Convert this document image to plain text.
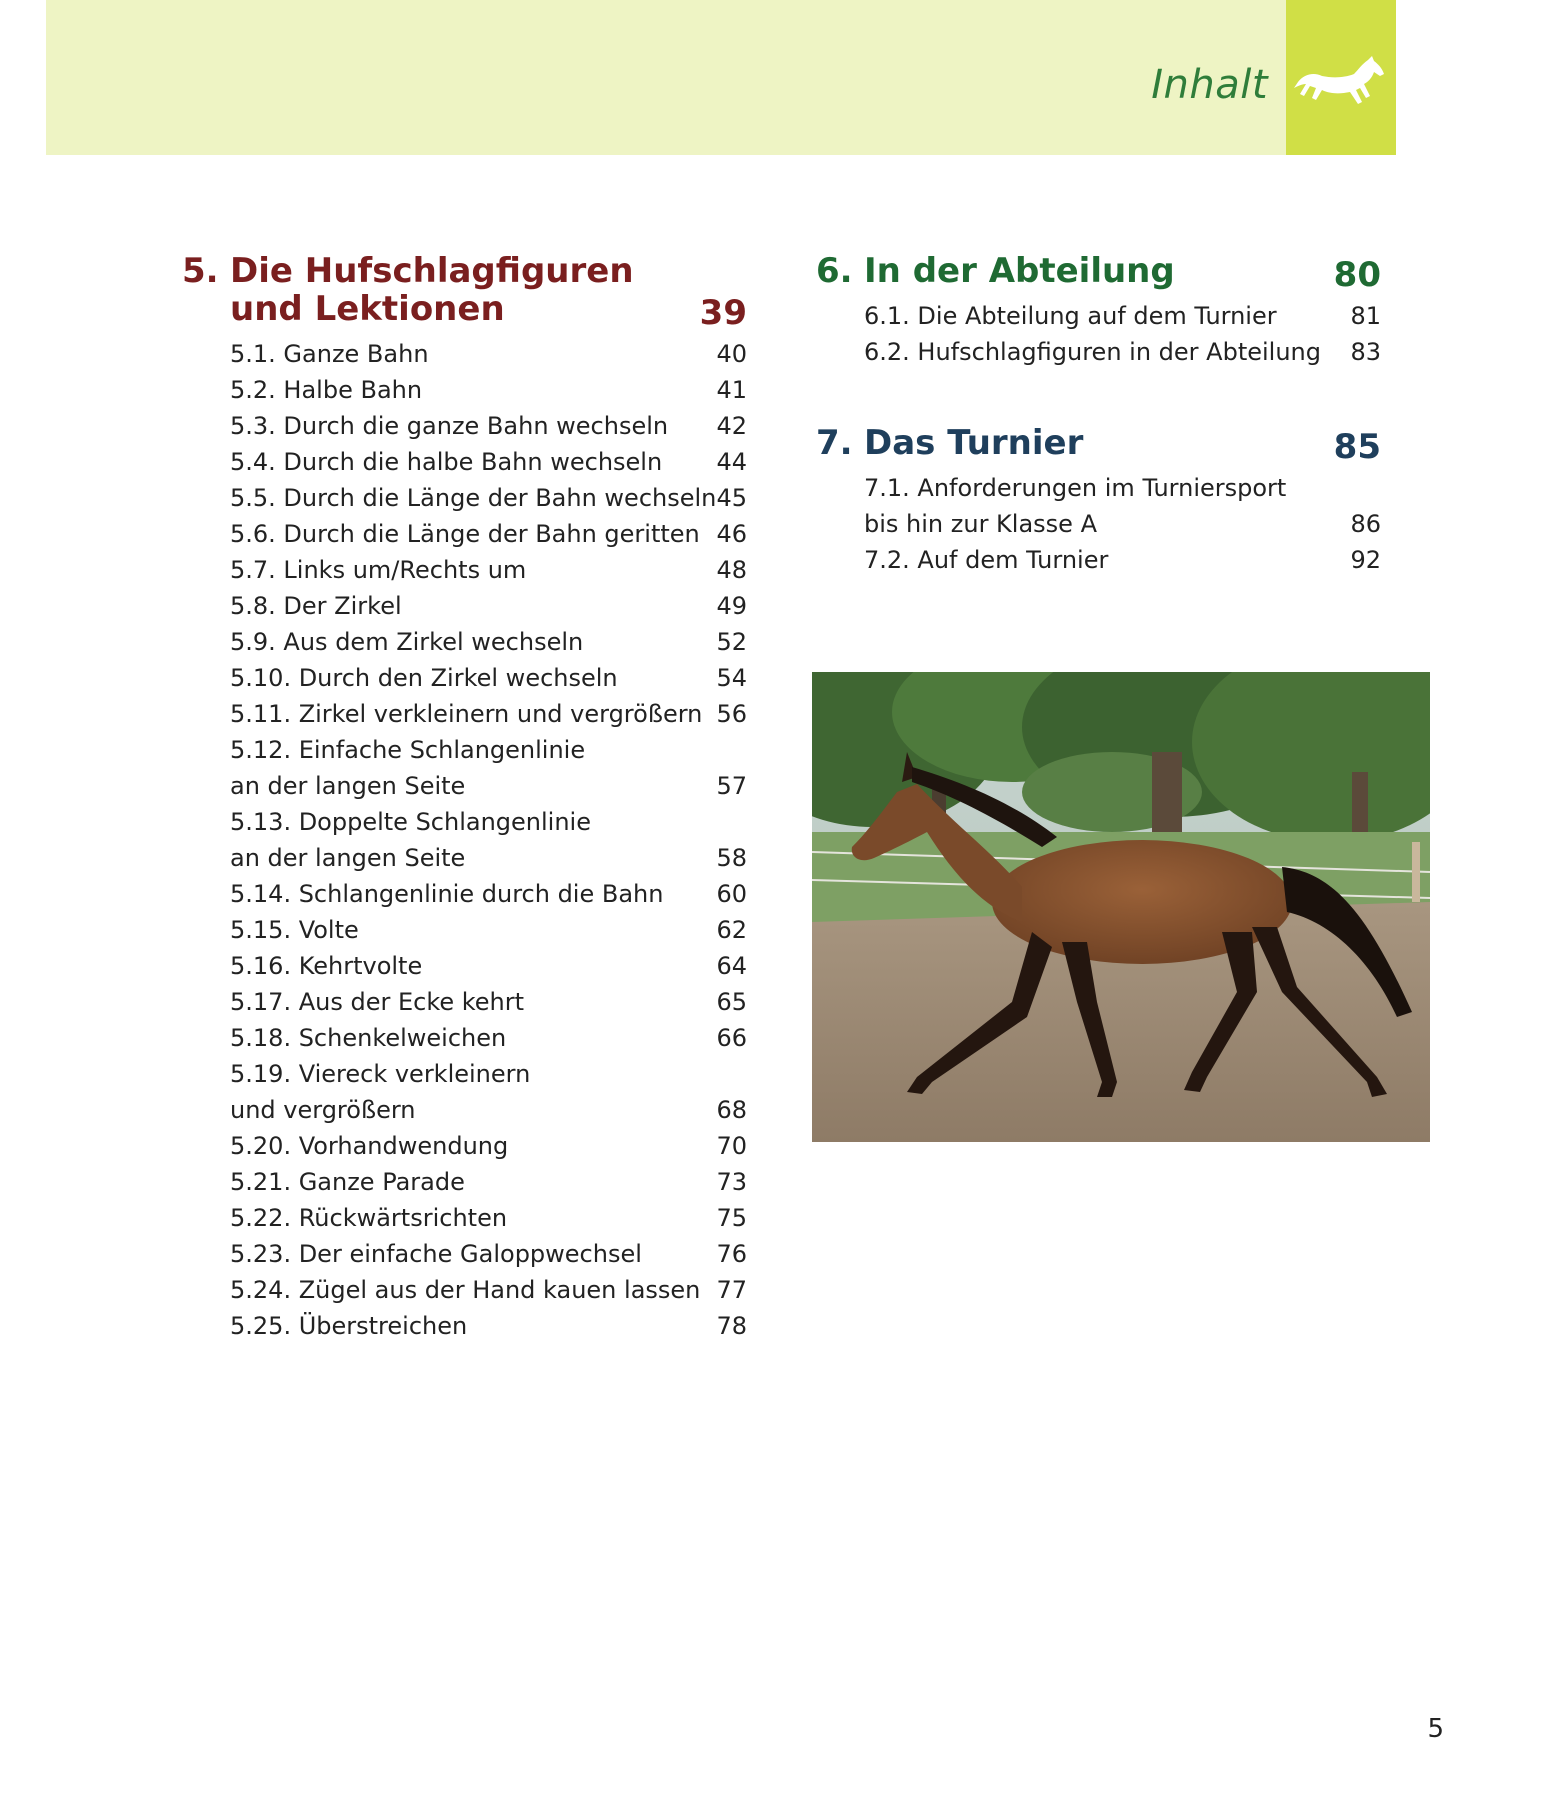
Inhalt
5. Die Hufschlagfiguren und Lektionen	39
5.1. Ganze Bahn	40
5.2. Halbe Bahn	41
5.3. Durch die ganze Bahn wechseln	42
5.4. Durch die halbe Bahn wechseln	44
5.5. Durch die Länge der Bahn wechseln 45
5.6. Durch die Länge der Bahn geritten 46
5.7. Links um/Rechts um	48
5.8. Der Zirkel	49
5.9. Aus dem Zirkel wechseln	52
5.10. Durch den Zirkel wechseln	54
5.11. Zirkel verkleinern und vergrößern 56
5.12. Einfache Schlangenlinie
an der langen Seite	57
5.13. Doppelte Schlangenlinie
an der langen Seite	58
5.14. Schlangenlinie durch die Bahn	60
5.15. Volte	62
5.16. Kehrtvolte	64
5.17. Aus der Ecke kehrt	65
5.18. Schenkelweichen	66
5.19. Viereck verkleinern
und vergrößern	68
5.20. Vorhandwendung	70
5.21. Ganze Parade	73
5.22. Rückwärtsrichten	75
5.23. Der einfache Galoppwechsel	76
5.24. Zügel aus der Hand kauen lassen 77
5.25. Überstreichen	78
6. In der Abteilung	80
6.1. Die Abteilung auf dem Turnier	81
6.2. Hufschlagfiguren in der Abteilung	83
7. Das Turnier	85
7.1. Anforderungen im Turniersport
bis hin zur Klasse A	86
7.2. Auf dem Turnier	92
5
